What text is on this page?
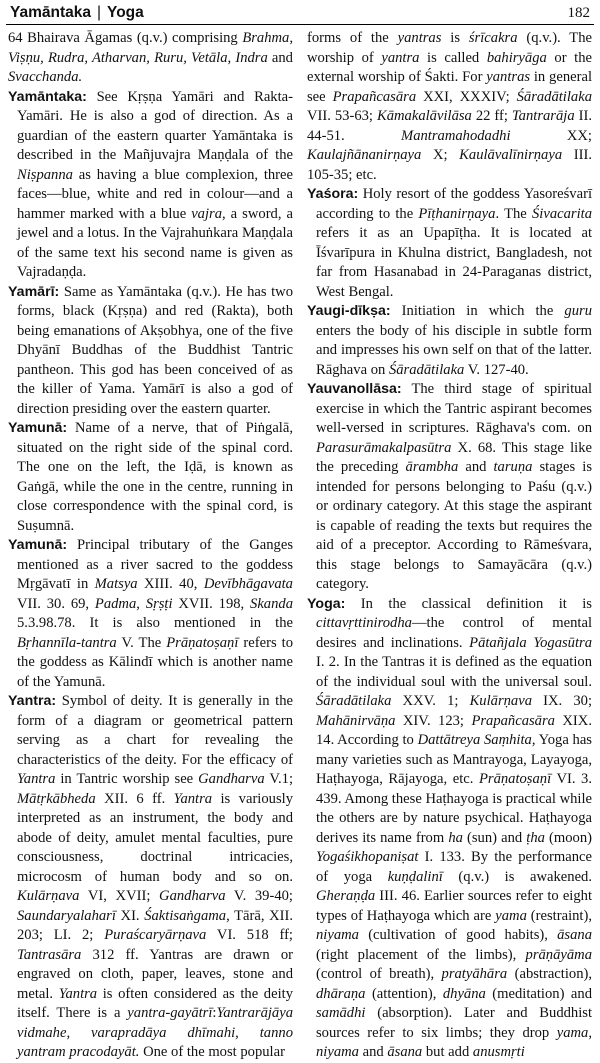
Yamāntaka | Yoga	182

64 Bhairava Āgamas (q.v.) comprising Brahma, Viṣṇu, Rudra, Atharvan, Ruru, Vetāla, Indra and Svacchanda.

Yamāntaka: See Kṛṣṇa Yamāri and Rakta-Yamāri. He is also a god of direction. As a guardian of the eastern quarter Yamāntaka is described in the Mañjuvajra Maṇḍala of the Niṣpanna as having a blue complexion, three faces—blue, white and red in colour—and a hammer marked with a blue vajra, a sword, a jewel and a lotus. In the Vajrahuṅkara Maṇḍala of the same text his second name is given as Vajradaṇḍa.

Yamārī: Same as Yamāntaka (q.v.). He has two forms, black (Kṛṣṇa) and red (Rakta), both being emanations of Akṣobhya, one of the five Dhyānī Buddhas of the Buddhist Tantric pantheon. This god has been conceived of as the killer of Yama. Yamārī is also a god of direction presiding over the eastern quarter.

Yamunā: Name of a nerve, that of Piṅgalā, situated on the right side of the spinal cord. The one on the left, the Iḍā, is known as Gaṅgā, while the one in the centre, running in close correspondence with the spinal cord, is Suṣumnā.

Yamunā: Principal tributary of the Ganges mentioned as a river sacred to the goddess Mṛgāvatī in Matsya XIII. 40, Devībhāgavata VII. 30. 69, Padma, Sṛṣṭi XVII. 198, Skanda 5.3.98.78. It is also mentioned in the Bṛhannīla-tantra V. The Prāṇatoṣaṇī refers to the goddess as Kālindī which is another name of the Yamunā.

Yantra: Symbol of deity. It is generally in the form of a diagram or geometrical pattern serving as a chart for revealing the characteristics of the deity. For the efficacy of Yantra in Tantric worship see Gandharva V.1; Mātṛkābheda XII. 6 ff. Yantra is variously interpreted as an instrument, the body and abode of deity, amulet mental faculties, pure consciousness, doctrinal intricacies, microcosm of human body and so on. Kulārṇava VI, XVII; Gandharva V. 39-40; Saundaryalaharī XI. Śaktisaṅgama, Tārā, XII. 203; LI. 2; Puraścaryārṇava VI. 518 ff; Tantrasāra 312 ff. Yantras are drawn or engraved on cloth, paper, leaves, stone and metal. Yantra is often considered as the deity itself. There is a yantra-gayātrī:Yantrarājāya vidmahe, varapradāya dhīmahi, tanno yantram pracodayāt. One of the most popular

forms of the yantras is śrīcakra (q.v.). The worship of yantra is called bahiryāga or the external worship of Śakti. For yantras in general see Prapañcasāra XXI, XXXIV; Śāradātilaka VII. 53-63; Kāmakalāvilāsa 22 ff; Tantrarāja II. 44-51. Mantramahodadhi XX; Kaulajñānanirṇaya X; Kaulāvalīnirṇaya III. 105-35; etc.

Yaśora: Holy resort of the goddess Yasoreśvarī according to the Pīṭhanirṇaya. The Śivacarita refers it as an Upapīṭha. It is located at Īśvarīpura in Khulna district, Bangladesh, not far from Hasanabad in 24-Paraganas district, West Bengal.

Yaugi-dīkṣa: Initiation in which the guru enters the body of his disciple in subtle form and impresses his own self on that of the latter. Rāghava on Śāradātilaka V. 127-40.

Yauvanollāsa: The third stage of spiritual exercise in which the Tantric aspirant becomes well-versed in scriptures. Rāghava's com. on Parasurāmakalpasūtra X. 68. This stage like the preceding ārambha and taruṇa stages is intended for persons belonging to Paśu (q.v.) or ordinary category. At this stage the aspirant is capable of reading the texts but requires the aid of a preceptor. According to Rāmeśvara, this stage belongs to Samayācāra (q.v.) category.

Yoga: In the classical definition it is cittavṛttinirodha—the control of mental desires and inclinations. Pātañjala Yogasūtra I. 2. In the Tantras it is defined as the equation of the individual soul with the universal soul. Śāradātilaka XXV. 1; Kulārṇava IX. 30; Mahānirvāṇa XIV. 123; Prapañcasāra XIX. 14. According to Dattātreya Saṃhita, Yoga has many varieties such as Mantrayoga, Layayoga, Haṭhayoga, Rājayoga, etc. Prāṇatoṣaṇī VI. 3. 439. Among these Haṭhayoga is practical while the others are by nature psychical. Haṭhayoga derives its name from ha (sun) and ṭha (moon) Yogaśikhopaniṣat I. 133. By the performance of yoga kuṇḍalinī (q.v.) is awakened. Gheraṇḍa III. 46. Earlier sources refer to eight types of Haṭhayoga which are yama (restraint), niyama (cultivation of good habits), āsana (right placement of the limbs), prāṇāyāma (control of breath), pratyāhāra (abstraction), dhāraṇa (attention), dhyāna (meditation) and samādhi (absorption). Later and Buddhist sources refer to six limbs; they drop yama, niyama and āsana but add anusmṛti
